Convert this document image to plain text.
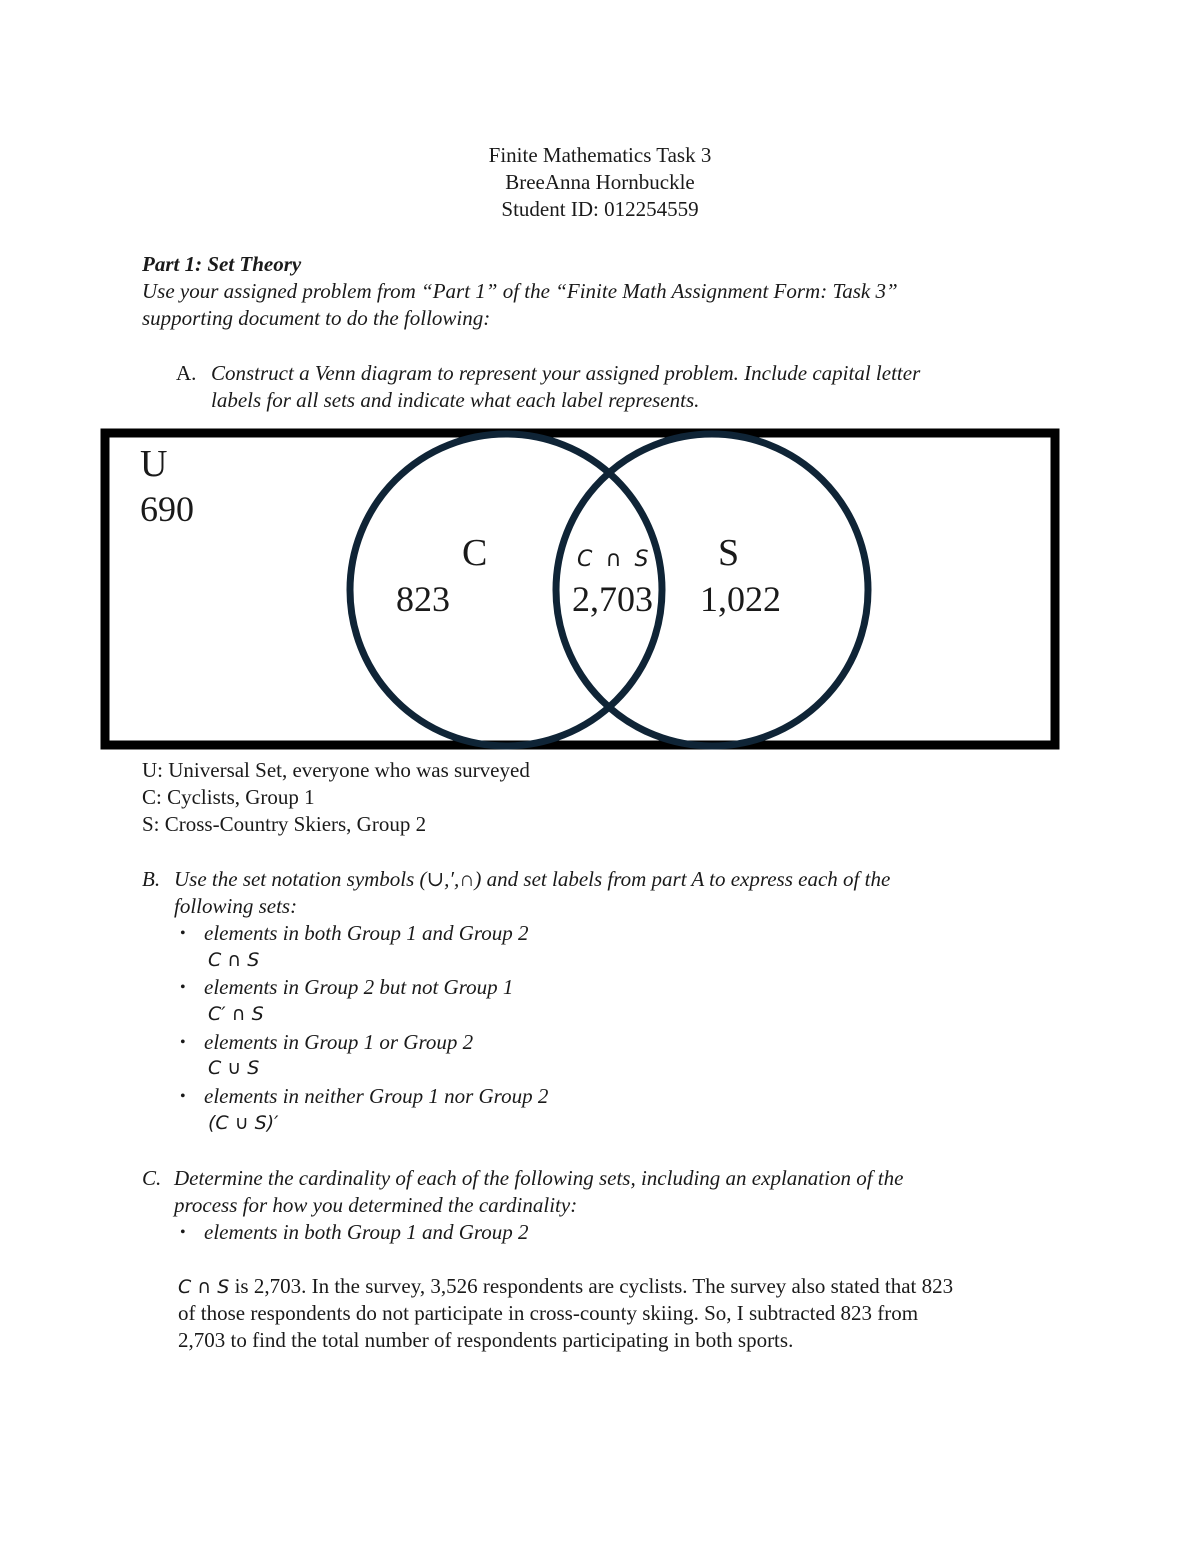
Finite Mathematics Task 3
BreeAnna Hornbuckle
Student ID: 012254559
Part 1: Set Theory
Use your assigned problem from “Part 1” of the “Finite Math Assignment Form: Task 3”
supporting document to do the following:
A. Construct a Venn diagram to represent your assigned problem. Include capital letter
labels for all sets and indicate what each label represents.
U
690
C
823
C ∩ S
2,703
S
1,022
U: Universal Set, everyone who was surveyed
C: Cyclists, Group 1
S: Cross-Country Skiers, Group 2
B. Use the set notation symbols (∪,′,∩) and set labels from part A to express each of the
following sets:
• elements in both Group 1 and Group 2
C ∩ S
• elements in Group 2 but not Group 1
C′ ∩ S
• elements in Group 1 or Group 2
C ∪ S
• elements in neither Group 1 nor Group 2
(C ∪ S)′
C. Determine the cardinality of each of the following sets, including an explanation of the
process for how you determined the cardinality:
• elements in both Group 1 and Group 2
C ∩ S is 2,703. In the survey, 3,526 respondents are cyclists. The survey also stated that 823
of those respondents do not participate in cross-county skiing. So, I subtracted 823 from
2,703 to find the total number of respondents participating in both sports.
